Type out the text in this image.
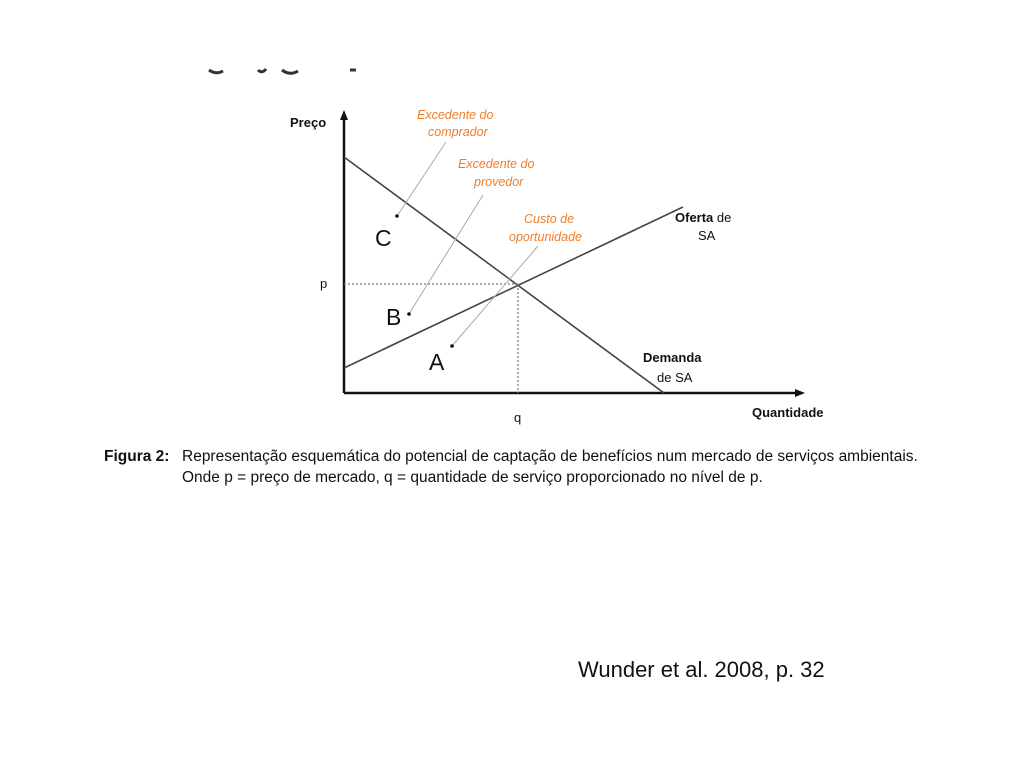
Preço
Quantidade
p
q
C
B
A
Excedente do
comprador
Excedente do
provedor
Custo de
oportunidade
Oferta de
SA
Demanda
de SA
Figura 2: Representação esquemática do potencial de captação de benefícios num mercado de serviços ambientais.
Onde p = preço de mercado, q = quantidade de serviço proporcionado no nível de p.
Wunder et al. 2008, p. 32
